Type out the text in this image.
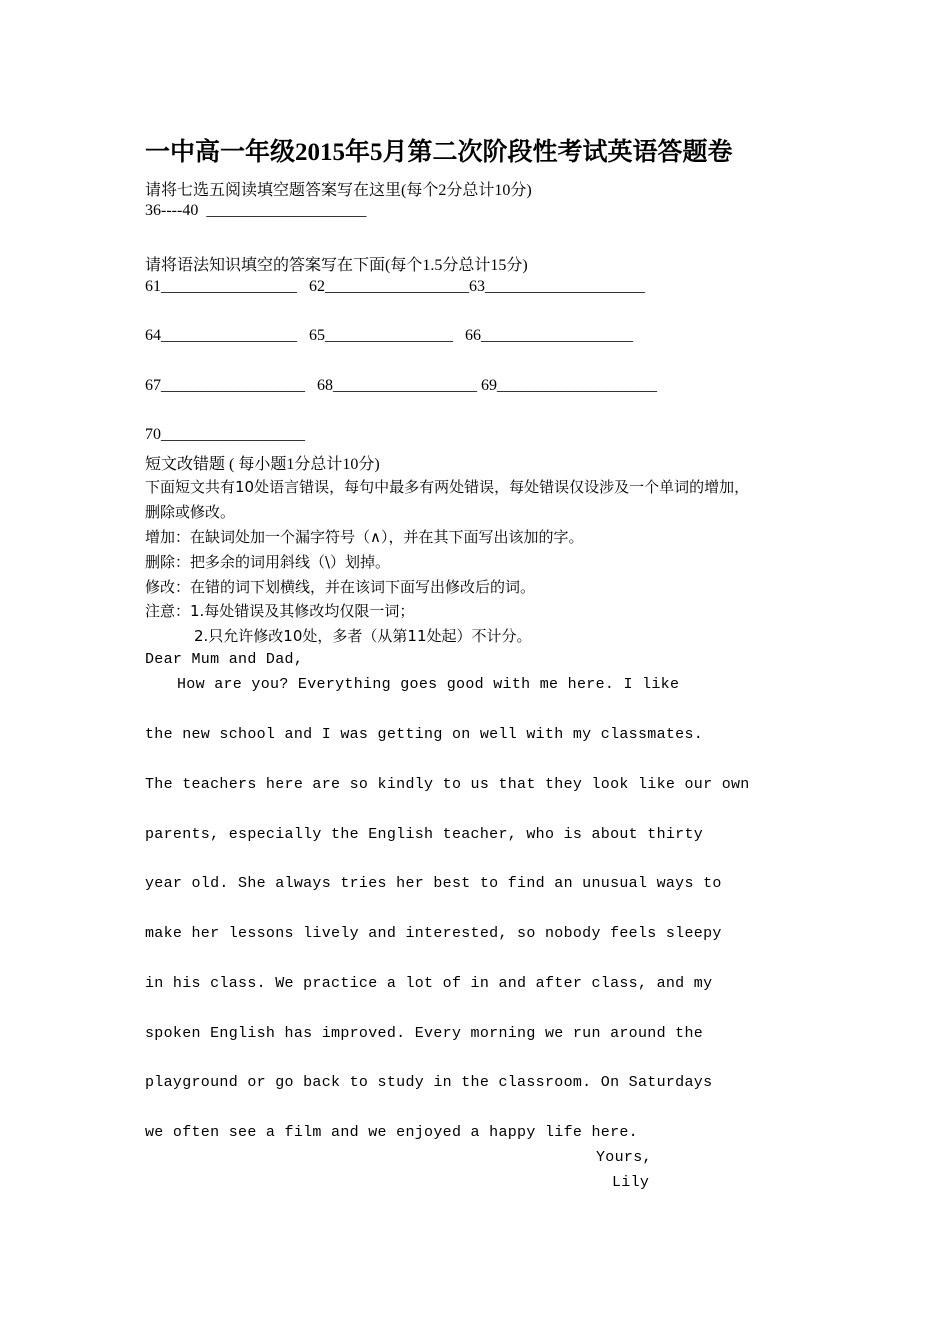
一中高一年级2015年5月第二次阶段性考试英语答题卷
请将七选五阅读填空题答案写在这里(每个2分总计10分)
36----40  ____________________
请将语法知识填空的答案写在下面(每个1.5分总计15分)
61_________________   62__________________63____________________
64_________________   65________________   66___________________
67__________________   68__________________ 69____________________
70__________________
短文改错题 ( 每小题1分总计10分)
下面短文共有10处语言错误，每句中最多有两处错误，每处错误仅设涉及一个单词的增加，
删除或修改。
增加：在缺词处加一个漏字符号（∧），并在其下面写出该加的字。
删除：把多余的词用斜线（\）划掉。
修改：在错的词下划横线，并在该词下面写出修改后的词。
注意：1.每处错误及其修改均仅限一词；
2.只允许修改10处，多者（从第11处起）不计分。
Dear Mum and Dad,
How are you? Everything goes good with me here. I like
the new school and I was getting on well with my classmates.
The teachers here are so kindly to us that they look like our own
parents, especially the English teacher, who is about thirty
year old. She always tries her best to find an unusual ways to
make her lessons lively and interested, so nobody feels sleepy
in his class. We practice a lot of in and after class, and my
spoken English has improved. Every morning we run around the
playground or go back to study in the classroom. On Saturdays
we often see a film and we enjoyed a happy life here.
Yours,
Lily
